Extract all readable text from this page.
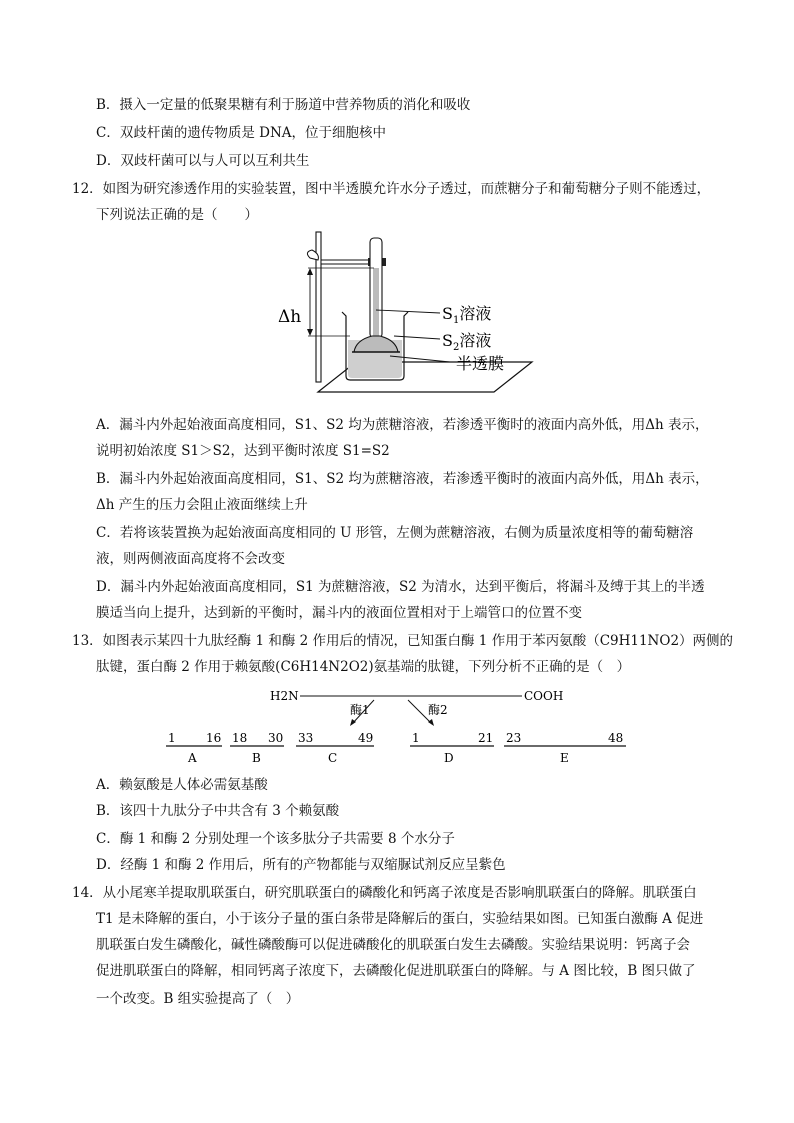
B．摄入一定量的低聚果糖有利于肠道中营养物质的消化和吸收
C．双歧杆菌的遗传物质是 DNA，位于细胞核中
D．双歧杆菌可以与人可以互利共生
12．如图为研究渗透作用的实验装置，图中半透膜允许水分子透过，而蔗糖分子和葡萄糖分子则不能透过，
下列说法正确的是（　　）
Δh	$S_1$溶液
$S_2$溶液
半透膜
A．漏斗内外起始液面高度相同，S1、S2 均为蔗糖溶液，若渗透平衡时的液面内高外低，用Δh 表示，
说明初始浓度 S1＞S2，达到平衡时浓度 S1=S2
B．漏斗内外起始液面高度相同，S1、S2 均为蔗糖溶液，若渗透平衡时的液面内高外低，用Δh 表示，
Δh 产生的压力会阻止液面继续上升
C．若将该装置换为起始液面高度相同的 U 形管，左侧为蔗糖溶液，右侧为质量浓度相等的葡萄糖溶
液，则两侧液面高度将不会改变
D．漏斗内外起始液面高度相同，S1 为蔗糖溶液，S2 为清水，达到平衡后，将漏斗及缚于其上的半透
膜适当向上提升，达到新的平衡时，漏斗内的液面位置相对于上端管口的位置不变
13．如图表示某四十九肽经酶 1 和酶 2 作用后的情况，已知蛋白酶 1 作用于苯丙氨酸（C9H11NO2）两侧的
肽键，蛋白酶 2 作用于赖氨酸(C6H14N2O2)氨基端的肽键，下列分析不正确的是（　）
H2N	COOH
酶1	酶2
1	16
A
18 30
B
33	49
C
1	21
D
23	48
E
A．赖氨酸是人体必需氨基酸
B．该四十九肽分子中共含有 3 个赖氨酸
C．酶 1 和酶 2 分别处理一个该多肽分子共需要 8 个水分子
D．经酶 1 和酶 2 作用后，所有的产物都能与双缩脲试剂反应呈紫色
14．从小尾寒羊提取肌联蛋白，研究肌联蛋白的磷酸化和钙离子浓度是否影响肌联蛋白的降解。肌联蛋白
T1 是未降解的蛋白，小于该分子量的蛋白条带是降解后的蛋白，实验结果如图。已知蛋白激酶 A 促进
肌联蛋白发生磷酸化，碱性磷酸酶可以促进磷酸化的肌联蛋白发生去磷酸。实验结果说明：钙离子会
促进肌联蛋白的降解，相同钙离子浓度下，去磷酸化促进肌联蛋白的降解。与 A 图比较，B 图只做了
一个改变。B 组实验提高了（　）
